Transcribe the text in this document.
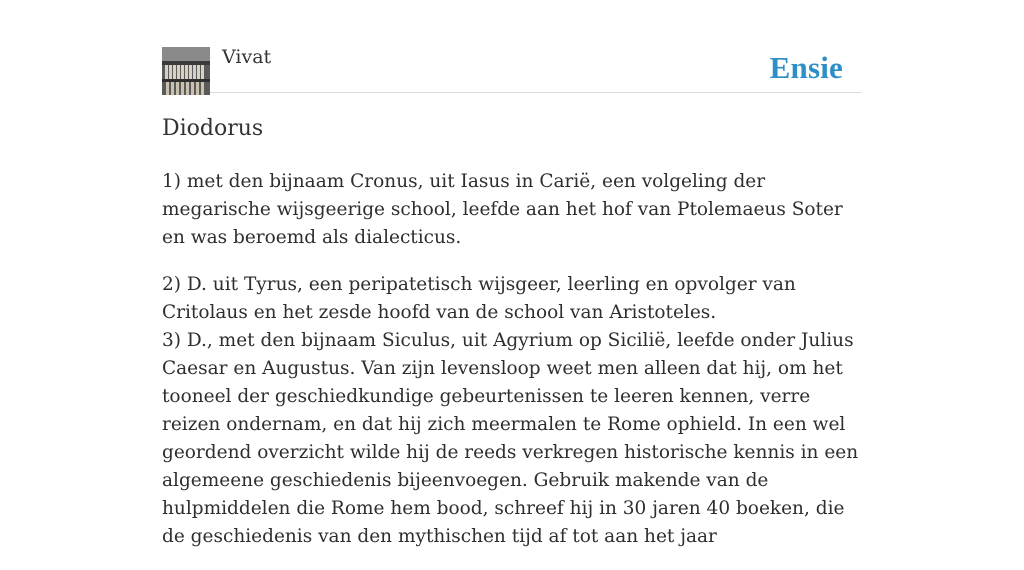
Vivat	Ensie
Diodorus

1) met den bijnaam Cronus, uit Iasus in Carië, een volgeling der megarische wijsgeerige school, leefde aan het hof van Ptolemaeus Soter en was beroemd als dialecticus.

2) D. uit Tyrus, een peripatetisch wijsgeer, leerling en opvolger van Critolaus en het zesde hoofd van de school van Aristoteles.

3) D., met den bijnaam Siculus, uit Agyrium op Sicilië, leefde onder Julius Caesar en Augustus. Van zijn levensloop weet men alleen dat hij, om het tooneel der geschiedkundige gebeurtenissen te leeren kennen, verre reizen ondernam, en dat hij zich meermalen te Rome ophield. In een wel geordend overzicht wilde hij de reeds verkregen historische kennis in een algemeene geschiedenis bijeenvoegen. Gebruik makende van de hulpmiddelen die Rome hem bood, schreef hij in 30 jaren 40 boeken, die de geschiedenis van den mythischen tijd af tot aan het jaar
